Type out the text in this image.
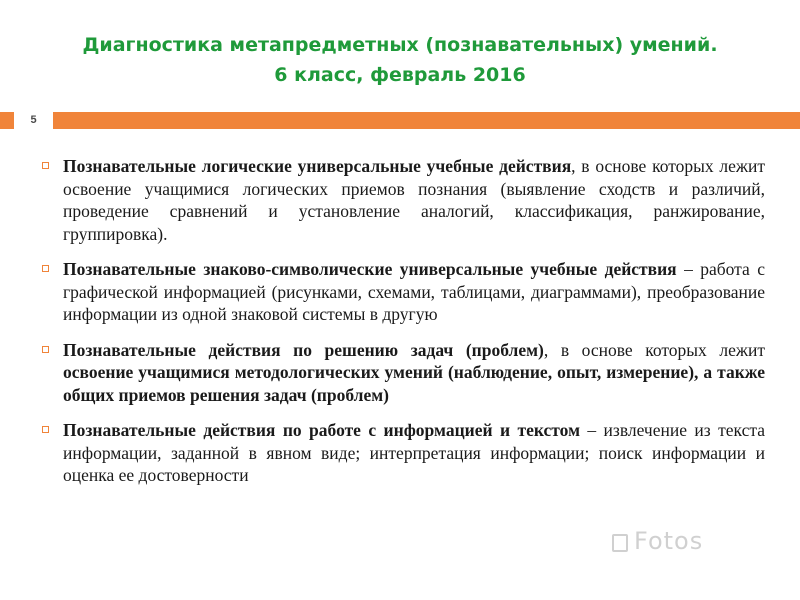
Диагностика метапредметных (познавательных) умений.
6 класс, февраль 2016
5
Познавательные логические универсальные учебные действия, в основе которых лежит освоение учащимися логических приемов познания (выявление сходств и различий, проведение сравнений и установление аналогий, классификация, ранжирование, группировка).
Познавательные знаково-символические универсальные учебные действия – работа с графической информацией (рисунками, схемами, таблицами, диаграммами), преобразование информации из одной знаковой системы в другую
Познавательные действия по решению задач (проблем), в основе которых лежит освоение учащимися методологических умений (наблюдение, опыт, измерение), а также общих приемов решения задач (проблем)
Познавательные действия по работе с информацией и текстом – извлечение из текста информации, заданной в явном виде; интерпретация информации; поиск информации и оценка ее достоверности
Fotos
